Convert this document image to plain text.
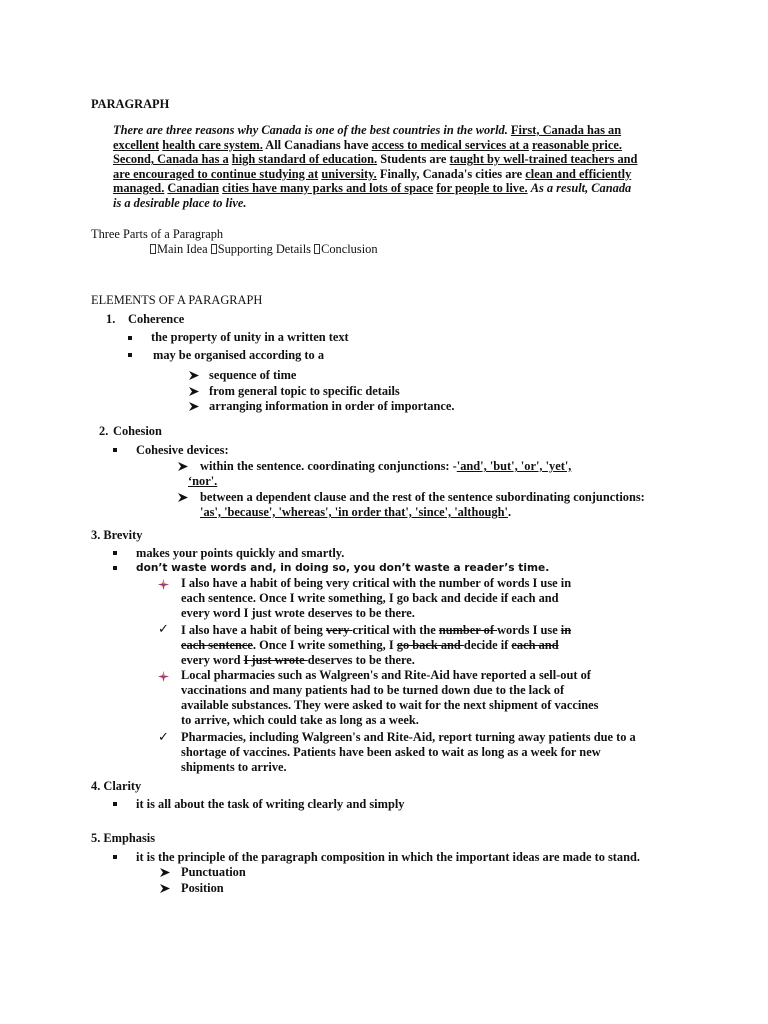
PARAGRAPH
There are three reasons why Canada is one of the best countries in the world. First, Canada has an
excellent health care system. All Canadians have access to medical services at a reasonable price.
Second, Canada has a high standard of education. Students are taught by well-trained teachers and
are encouraged to continue studying at university. Finally, Canada's cities are clean and efficiently
managed. Canadian cities have many parks and lots of space for people to live. As a result, Canada
is a desirable place to live.
Three Parts of a Paragraph
Main Idea Supporting Details Conclusion
ELEMENTS OF A PARAGRAPH
1. Coherence
the property of unity in a written text
may be organised according to a
sequence of time
from general topic to specific details
arranging information in order of importance.
2. Cohesion
Cohesive devices:
within the sentence. coordinating conjunctions: -'and', 'but', 'or', 'yet',
‘nor'.
between a dependent clause and the rest of the sentence subordinating conjunctions:
'as', 'because', 'whereas', 'in order that', 'since', 'although'.
3. Brevity
makes your points quickly and smartly.
don’t waste words and, in doing so, you don’t waste a reader’s time.
I also have a habit of being very critical with the number of words I use in
each sentence. Once I write something, I go back and decide if each and
every word I just wrote deserves to be there.
✓ I also have a habit of being very critical with the number of words I use in
each sentence. Once I write something, I go back and decide if each and
every word I just wrote deserves to be there.
Local pharmacies such as Walgreen's and Rite-Aid have reported a sell-out of
vaccinations and many patients had to be turned down due to the lack of
available substances. They were asked to wait for the next shipment of vaccines
to arrive, which could take as long as a week.
✓ Pharmacies, including Walgreen's and Rite-Aid, report turning away patients due to a
shortage of vaccines. Patients have been asked to wait as long as a week for new
shipments to arrive.
4. Clarity
it is all about the task of writing clearly and simply
5. Emphasis
it is the principle of the paragraph composition in which the important ideas are made to stand.
Punctuation
Position
